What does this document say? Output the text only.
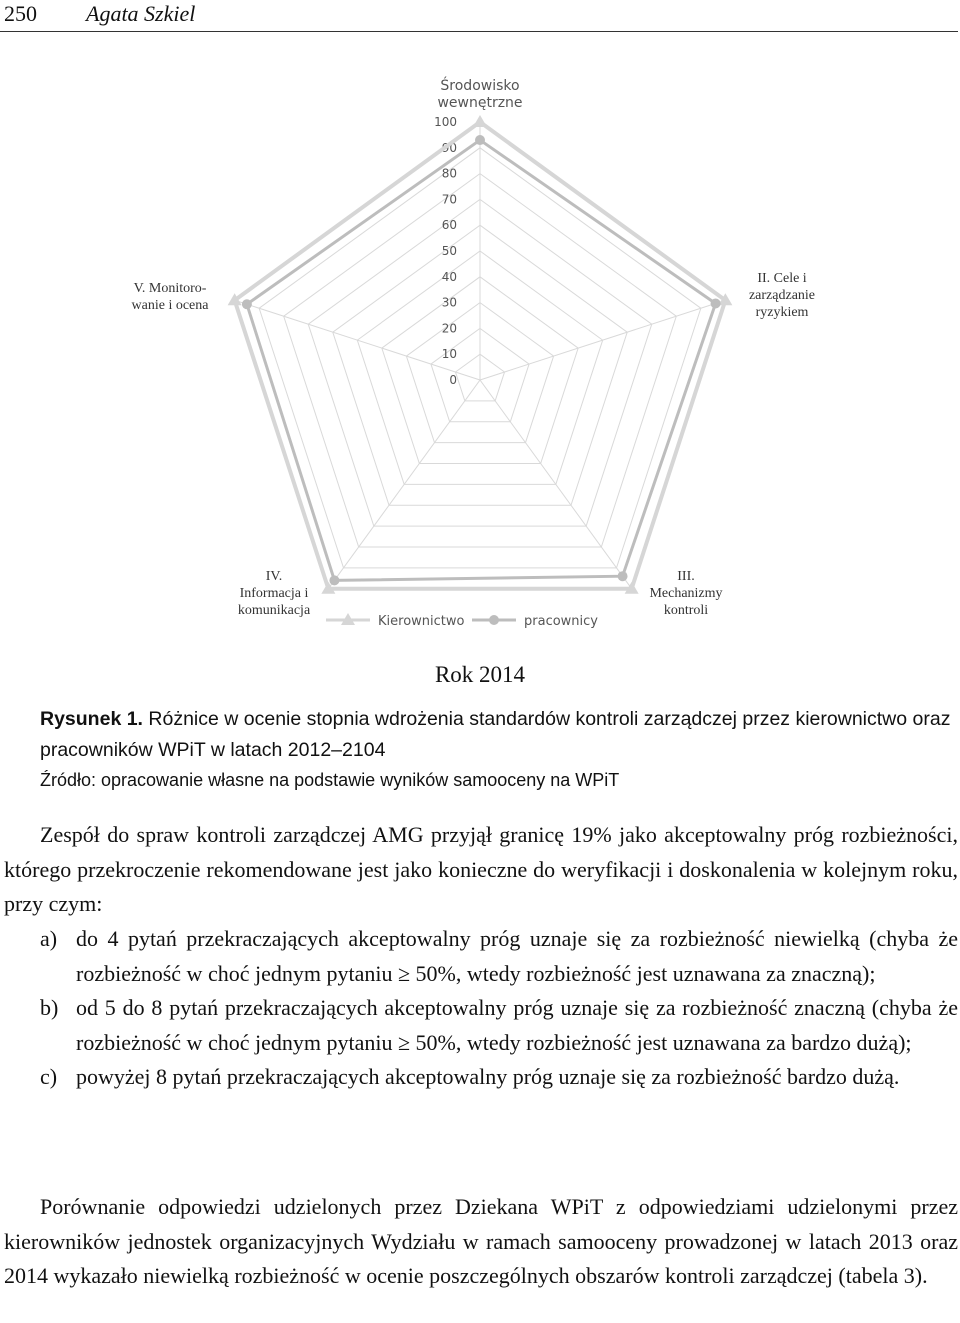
250 Agata Szkiel
0
10
20
30
40
50
60
70
80
90
100
Środowisko wewnętrzne
II. Cele i zarządzanie ryzykiem
III. Mechanizmy kontroli
IV. Informacja i komunikacja
V. Monitoro-wanie i ocena
Kierownictwo	pracownicy
Rok 2014
Rysunek 1. Różnice w ocenie stopnia wdrożenia standardów kontroli zarządczej przez kierownictwo oraz pracowników WPiT w latach 2012–2104
Źródło: opracowanie własne na podstawie wyników samooceny na WPiT
Zespół do spraw kontroli zarządczej AMG przyjął granicę 19% jako akceptowalny próg rozbieżności, którego przekroczenie rekomendowane jest jako konieczne do weryfikacji i doskonalenia w kolejnym roku, przy czym:
a) do 4 pytań przekraczających akceptowalny próg uznaje się za rozbieżność niewielką (chyba że rozbieżność w choć jednym pytaniu ≥ 50%, wtedy rozbieżność jest uznawana za znaczną);
b) od 5 do 8 pytań przekraczających akceptowalny próg uznaje się za rozbieżność znaczną (chyba że rozbieżność w choć jednym pytaniu ≥ 50%, wtedy rozbieżność jest uznawana za bardzo dużą);
c) powyżej 8 pytań przekraczających akceptowalny próg uznaje się za rozbieżność bardzo dużą.
Porównanie odpowiedzi udzielonych przez Dziekana WPiT z odpowiedziami udzielonymi przez kierowników jednostek organizacyjnych Wydziału w ramach samooceny prowadzonej w latach 2013 oraz 2014 wykazało niewielką rozbieżność w ocenie poszczególnych obszarów kontroli zarządczej (tabela 3).
